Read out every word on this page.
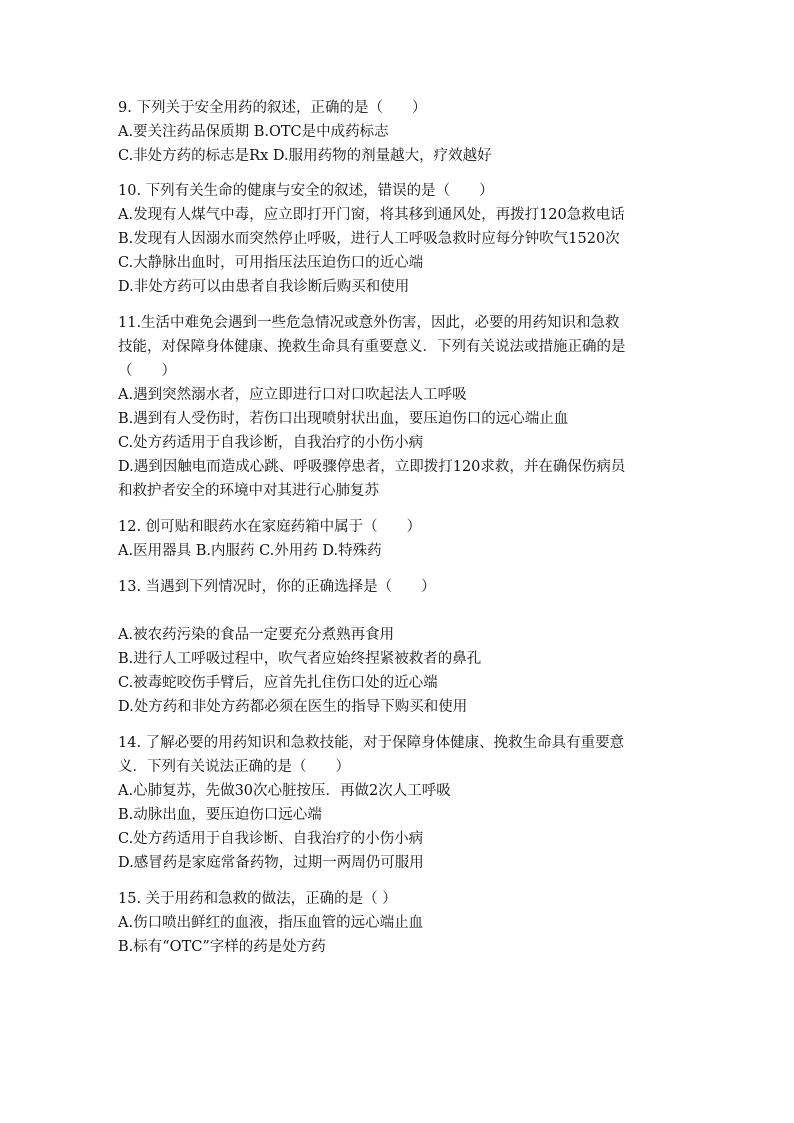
9. 下列关于安全用药的叙述，正确的是（　　）
A.要关注药品保质期 B.OTC是中成药标志
C.非处方药的标志是Rx D.服用药物的剂量越大，疗效越好
10. 下列有关生命的健康与安全的叙述，错误的是（　　）
A.发现有人煤气中毒，应立即打开门窗，将其移到通风处，再拨打120急救电话
B.发现有人因溺水而突然停止呼吸，进行人工呼吸急救时应每分钟吹气1520次
C.大静脉出血时，可用指压法压迫伤口的近心端
D.非处方药可以由患者自我诊断后购买和使用
11.生活中难免会遇到一些危急情况或意外伤害，因此，必要的用药知识和急救
技能，对保障身体健康、挽救生命具有重要意义．下列有关说法或措施正确的是
（　　）
A.遇到突然溺水者，应立即进行口对口吹起法人工呼吸
B.遇到有人受伤时，若伤口出现喷射状出血，要压迫伤口的远心端止血
C.处方药适用于自我诊断，自我治疗的小伤小病
D.遇到因触电而造成心跳、呼吸骤停患者，立即拨打120求救，并在确保伤病员
和救护者安全的环境中对其进行心肺复苏
12. 创可贴和眼药水在家庭药箱中属于（　　）
A.医用器具 B.内服药 C.外用药 D.特殊药
13. 当遇到下列情况时，你的正确选择是（　　）
A.被农药污染的食品一定要充分煮熟再食用
B.进行人工呼吸过程中，吹气者应始终捏紧被救者的鼻孔
C.被毒蛇咬伤手臂后，应首先扎住伤口处的近心端
D.处方药和非处方药都必须在医生的指导下购买和使用
14. 了解必要的用药知识和急救技能，对于保障身体健康、挽救生命具有重要意
义．下列有关说法正确的是（　　）
A.心肺复苏，先做30次心脏按压．再做2次人工呼吸
B.动脉出血，要压迫伤口远心端
C.处方药适用于自我诊断、自我治疗的小伤小病
D.感冒药是家庭常备药物，过期一两周仍可服用
15. 关于用药和急救的做法，正确的是（ ）
A.伤口喷出鲜红的血液，指压血管的远心端止血
B.标有“OTC”字样的药是处方药
